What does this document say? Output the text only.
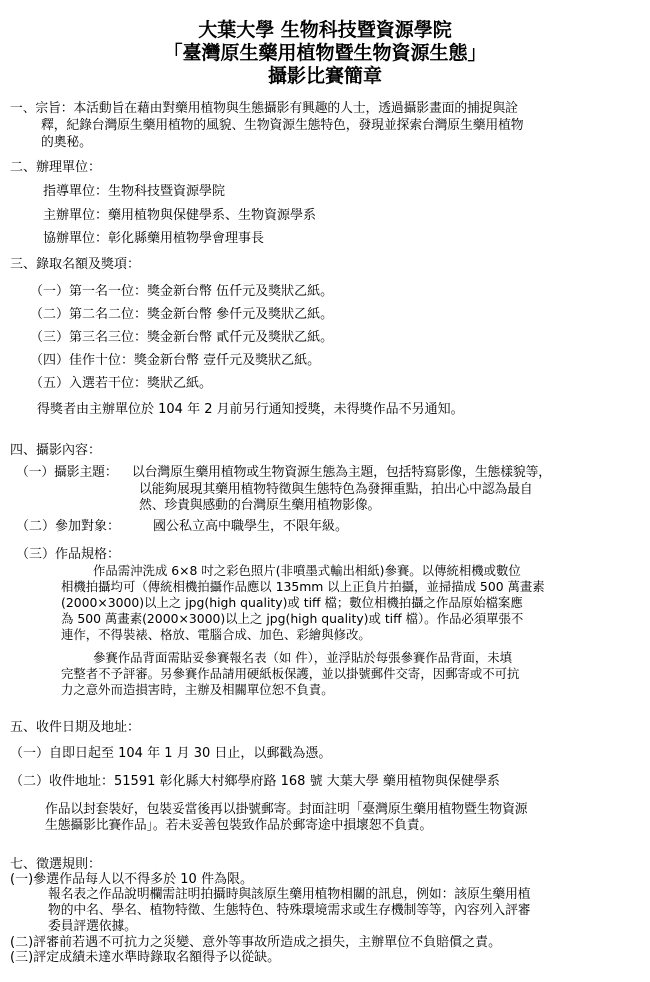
大葉大學 生物科技暨資源學院
「臺灣原生藥用植物暨生物資源生態」
攝影比賽簡章
一、宗旨：本活動旨在藉由對藥用植物與生態攝影有興趣的人士，透過攝影畫面的捕捉與詮
釋，紀錄台灣原生藥用植物的風貌、生物資源生態特色，發現並探索台灣原生藥用植物
的奧秘。
二、辦理單位：
指導單位：生物科技暨資源學院
主辦單位：藥用植物與保健學系、生物資源學系
協辦單位：彰化縣藥用植物學會理事長
三、錄取名額及獎項：
（一）第一名一位：獎金新台幣 伍仟元及獎狀乙紙。
（二）第二名二位：獎金新台幣 參仟元及獎狀乙紙。
（三）第三名三位：獎金新台幣 貳仟元及獎狀乙紙。
（四）佳作十位：獎金新台幣 壹仟元及獎狀乙紙。
（五）入選若干位：獎狀乙紙。
得獎者由主辦單位於 104 年 2 月前另行通知授獎，未得獎作品不另通知。
四、攝影內容：
（一）攝影主題： 以台灣原生藥用植物或生物資源生態為主題，包括特寫影像，生態樣貌等，
以能夠展現其藥用植物特徵與生態特色為發揮重點，拍出心中認為最自
然、珍貴與感動的台灣原生藥用植物影像。
（二）參加對象：	國公私立高中職學生，不限年級。
（三）作品規格：
作品需沖洗成 6×8 吋之彩色照片(非噴墨式輸出相紙)參賽。以傳統相機或數位
相機拍攝均可（傳統相機拍攝作品應以 135mm 以上正負片拍攝，並掃描成 500 萬畫素
(2000×3000)以上之 jpg(high quality)或 tiff 檔；數位相機拍攝之作品原始檔案應
為 500 萬畫素(2000×3000)以上之 jpg(high quality)或 tiff 檔）。作品必須單張不
連作，不得裝裱、格放、電腦合成、加色、彩繪與修改。
參賽作品背面需貼妥參賽報名表（如 件），並浮貼於每張參賽作品背面，未填
完整者不予評審。另參賽作品請用硬紙板保護，並以掛號郵件交寄，因郵寄或不可抗
力之意外而造損害時，主辦及相關單位恕不負責。
五、收件日期及地址：
（一）自即日起至 104 年 1 月 30 日止，以郵戳為憑。
（二）收件地址：51591 彰化縣大村鄉學府路 168 號 大葉大學 藥用植物與保健學系
作品以封套裝好，包裝妥當後再以掛號郵寄。封面註明「臺灣原生藥用植物暨生物資源
生態攝影比賽作品」。若未妥善包裝致作品於郵寄途中損壞恕不負責。
七、徵選規則：
(一)參選作品每人以不得多於 10 件為限。
報名表之作品說明欄需註明拍攝時與該原生藥用植物相關的訊息，例如：該原生藥用植
物的中名、學名、植物特徵、生態特色、特殊環境需求或生存機制等等，內容列入評審
委員評選依據。
(二)評審前若遇不可抗力之災變、意外等事故所造成之損失，主辦單位不負賠償之責。
(三)評定成績未達水準時錄取名額得予以從缺。
